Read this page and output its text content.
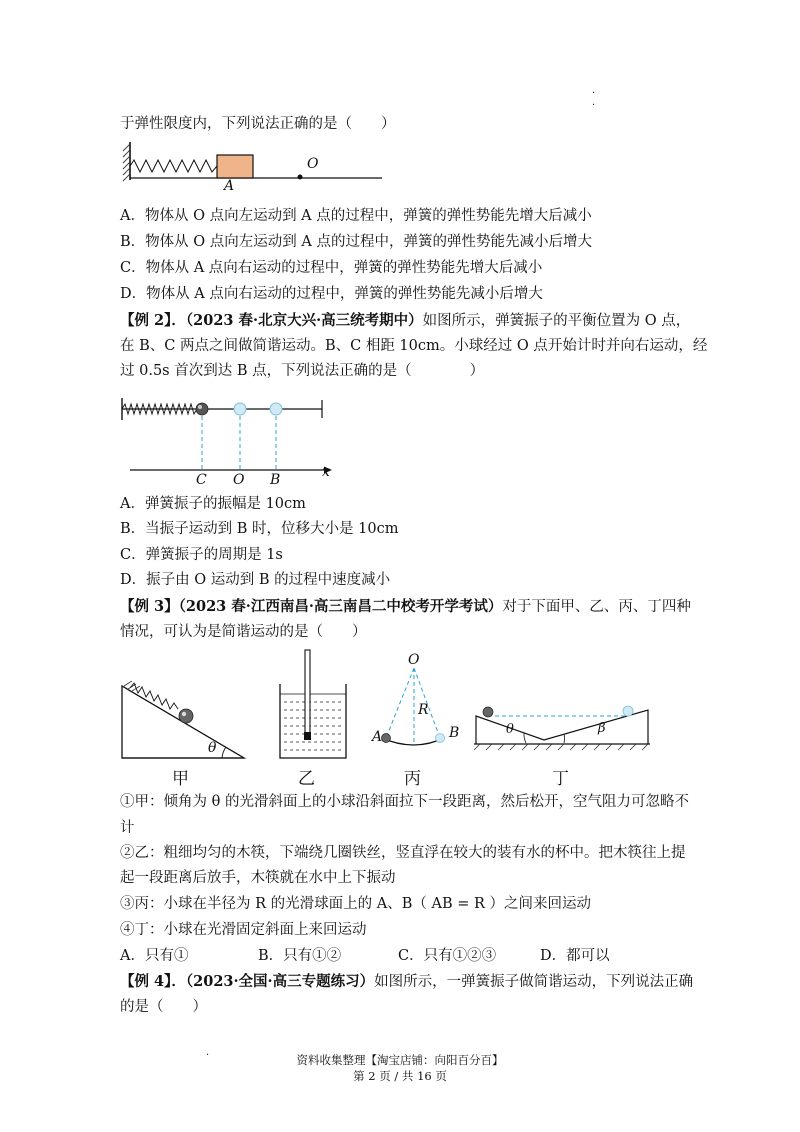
·
·
于弹性限度内，下列说法正确的是（　　）
A
O
A．物体从 O 点向左运动到 A 点的过程中，弹簧的弹性势能先增大后减小
B．物体从 O 点向左运动到 A 点的过程中，弹簧的弹性势能先减小后增大
C．物体从 A 点向右运动的过程中，弹簧的弹性势能先增大后减小
D．物体从 A 点向右运动的过程中，弹簧的弹性势能先减小后增大
【例 2】．（2023 春·北京大兴·高三统考期中）如图所示，弹簧振子的平衡位置为 O 点，
在 B、C 两点之间做简谐运动。B、C 相距 10cm。小球经过 O 点开始计时并向右运动，经
过 0.5s 首次到达 B 点，下列说法正确的是（　　　　）
C O B	x
A．弹簧振子的振幅是 10cm
B．当振子运动到 B 时，位移大小是 10cm
C．弹簧振子的周期是 1s
D．振子由 O 运动到 B 的过程中速度减小
【例 3】（2023 春·江西南昌·高三南昌二中校考开学考试）对于下面甲、乙、丙、丁四种
情况，可认为是简谐运动的是（　　）
θ
O
R
A	B	θ	β
甲	乙	丙	丁
①甲：倾角为 θ 的光滑斜面上的小球沿斜面拉下一段距离，然后松开，空气阻力可忽略不
计
②乙：粗细均匀的木筷，下端绕几圈铁丝，竖直浮在较大的装有水的杯中。把木筷往上提
起一段距离后放手，木筷就在水中上下振动
③丙：小球在半径为 R 的光滑球面上的 A、B（ AB = R ）之间来回运动
④丁：小球在光滑固定斜面上来回运动
A．只有①	B．只有①②	C．只有①②③	D．都可以
【例 4】．（2023·全国·高三专题练习）如图所示，一弹簧振子做简谐运动，下列说法正确
的是（　　）
·	资料收集整理【淘宝店铺：向阳百分百】
第 2 页 / 共 16 页
